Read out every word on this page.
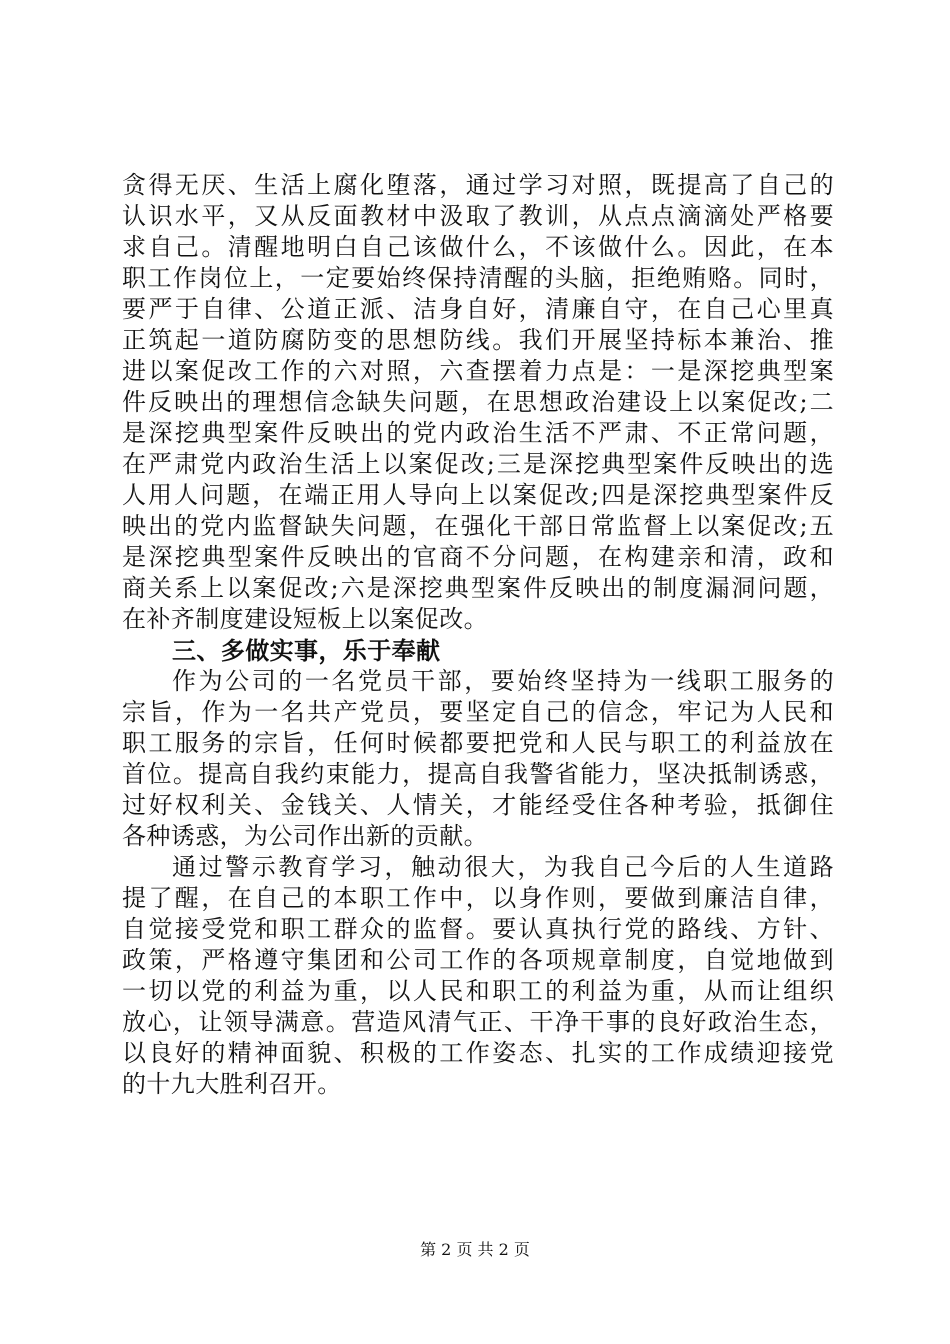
贪得无厌、生活上腐化堕落，通过学习对照，既提高了自己的
认识水平，又从反面教材中汲取了教训，从点点滴滴处严格要
求自己。清醒地明白自己该做什么，不该做什么。因此，在本
职工作岗位上，一定要始终保持清醒的头脑，拒绝贿赂。同时，
要严于自律、公道正派、洁身自好，清廉自守，在自己心里真
正筑起一道防腐防变的思想防线。我们开展坚持标本兼治、推
进以案促改工作的六对照，六查摆着力点是：一是深挖典型案
件反映出的理想信念缺失问题，在思想政治建设上以案促改;二
是深挖典型案件反映出的党内政治生活不严肃、不正常问题，
在严肃党内政治生活上以案促改;三是深挖典型案件反映出的选
人用人问题，在端正用人导向上以案促改;四是深挖典型案件反
映出的党内监督缺失问题，在强化干部日常监督上以案促改;五
是深挖典型案件反映出的官商不分问题，在构建亲和清，政和
商关系上以案促改;六是深挖典型案件反映出的制度漏洞问题，
在补齐制度建设短板上以案促改。
三、多做实事，乐于奉献
作为公司的一名党员干部，要始终坚持为一线职工服务的
宗旨，作为一名共产党员，要坚定自己的信念，牢记为人民和
职工服务的宗旨，任何时候都要把党和人民与职工的利益放在
首位。提高自我约束能力，提高自我警省能力，坚决抵制诱惑，
过好权利关、金钱关、人情关，才能经受住各种考验，抵御住
各种诱惑，为公司作出新的贡献。
通过警示教育学习，触动很大，为我自己今后的人生道路
提了醒，在自己的本职工作中，以身作则，要做到廉洁自律，
自觉接受党和职工群众的监督。要认真执行党的路线、方针、
政策，严格遵守集团和公司工作的各项规章制度，自觉地做到
一切以党的利益为重，以人民和职工的利益为重，从而让组织
放心，让领导满意。营造风清气正、干净干事的良好政治生态，
以良好的精神面貌、积极的工作姿态、扎实的工作成绩迎接党
的十九大胜利召开。
第 2 页 共 2 页
